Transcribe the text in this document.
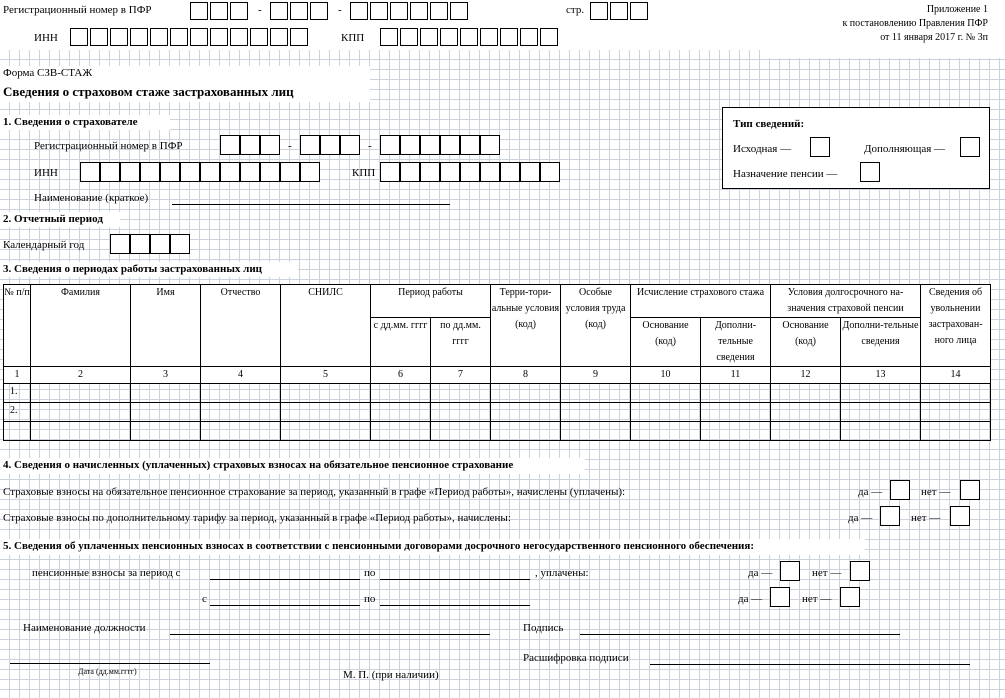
Регистрационный номер в ПФР	-	-	стр.
ИНН	КПП
Приложение 1
к постановлению Правления ПФР
от 11 января 2017 г. № 3п
Форма СЗВ-СТАЖ
Сведения о страховом стаже застрахованных лиц
Тип сведений:
Исходная —	Дополняющая —
Назначение пенсии —
1. Сведения о страхователе
Регистрационный номер в ПФР	-	-
ИНН	КПП
Наименование (краткое)
2. Отчетный период
Календарный год
3. Сведения о периодах работы застрахованных лиц
№ п/п	Фамилия	Имя	Отчество	СНИЛС	Период работы		Терри-тори-альные условия (код)	Особые условия труда (код)	Исчисление страхового стажа		Условия долгосрочного на-значения страховой пенсии		Сведения об увольнении застрахован-ного лица
					с дд.мм. гггг	по дд.мм. гггг			Основание (код)	Дополни-тельные сведения	Основание (код)	Дополни-тельные сведения	
1	2	3	4	5	6	7	8	9	10	11	12	13	14
1.													
2.													

4. Сведения о начисленных (уплаченных) страховых взносах на обязательное пенсионное страхование
Страховые взносы на обязательное пенсионное страхование за период, указанный в графе «Период работы», начислены (уплачены):	да —	нет —
Страховые взносы по дополнительному тарифу за период, указанный в графе «Период работы», начислены:	да —	нет —
5. Сведения об уплаченных пенсионных взносах в соответствии с пенсионными договорами досрочного негосударственного пенсионного обеспечения:
пенсионные взносы за период с	по	, уплачены:	да —	нет —
с	по	да —	нет —
Наименование должности	Подпись
Дата (дд.мм.гггг)	М. П. (при наличии)
Расшифровка подписи
